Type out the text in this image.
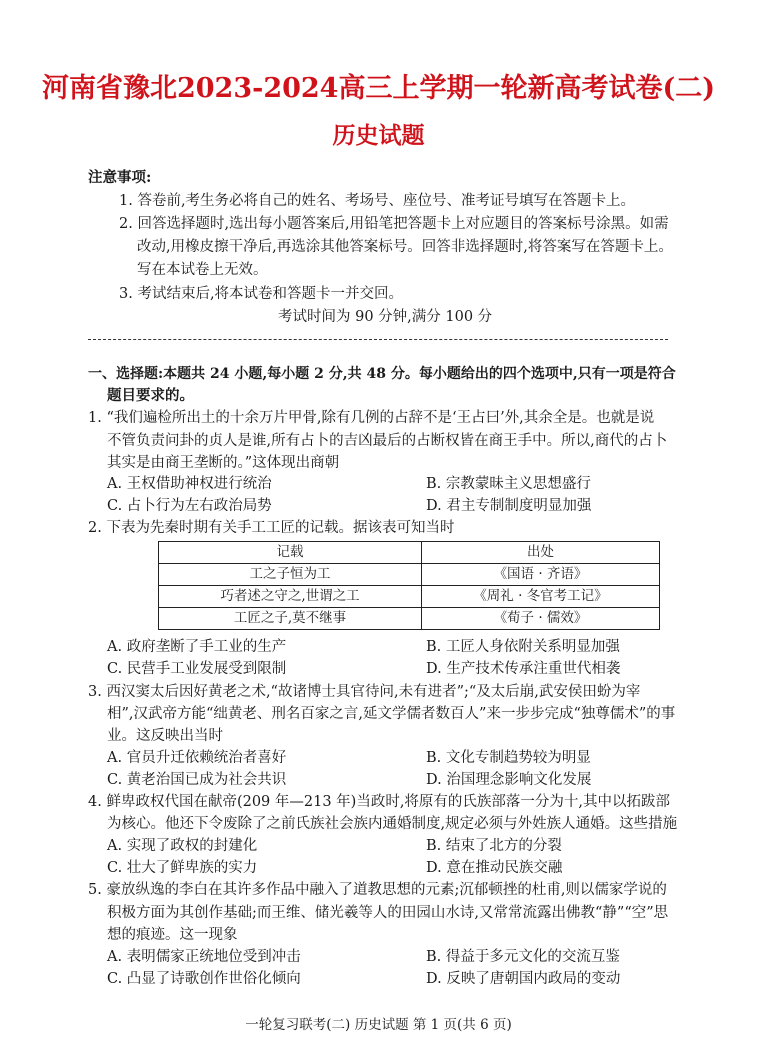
河南省豫北2023-2024高三上学期一轮新高考试卷(二)
历史试题
注意事项:
1. 答卷前,考生务必将自己的姓名、考场号、座位号、准考证号填写在答题卡上。
2. 回答选择题时,选出每小题答案后,用铅笔把答题卡上对应题目的答案标号涂黑。如需
改动,用橡皮擦干净后,再选涂其他答案标号。回答非选择题时,将答案写在答题卡上。
写在本试卷上无效。
3. 考试结束后,将本试卷和答题卡一并交回。
考试时间为 90 分钟,满分 100 分
一、选择题:本题共 24 小题,每小题 2 分,共 48 分。每小题给出的四个选项中,只有一项是符合
题目要求的。
1. “我们遍检所出土的十余万片甲骨,除有几例的占辞不是‘王占曰’外,其余全是。也就是说
不管负责问卦的贞人是谁,所有占卜的吉凶最后的占断权皆在商王手中。所以,商代的占卜
其实是由商王垄断的。”这体现出商朝
A. 王权借助神权进行统治	B. 宗教蒙昧主义思想盛行
C. 占卜行为左右政治局势	D. 君主专制制度明显加强
2. 下表为先秦时期有关手工工匠的记载。据该表可知当时
记载	出处
工之子恒为工	《国语 · 齐语》
巧者述之守之,世谓之工	《周礼 · 冬官考工记》
工匠之子,莫不继事	《荀子 · 儒效》
A. 政府垄断了手工业的生产	B. 工匠人身依附关系明显加强
C. 民营手工业发展受到限制	D. 生产技术传承注重世代相袭
3. 西汉窦太后因好黄老之术,“故诸博士具官待问,未有进者”;“及太后崩,武安侯田蚡为宰
相”,汉武帝方能“绌黄老、刑名百家之言,延文学儒者数百人”来一步步完成“独尊儒术”的事
业。这反映出当时
A. 官员升迁依赖统治者喜好	B. 文化专制趋势较为明显
C. 黄老治国已成为社会共识	D. 治国理念影响文化发展
4. 鲜卑政权代国在献帝(209 年—213 年)当政时,将原有的氏族部落一分为十,其中以拓跋部
为核心。他还下令废除了之前氏族社会族内通婚制度,规定必须与外姓族人通婚。这些措施
A. 实现了政权的封建化	B. 结束了北方的分裂
C. 壮大了鲜卑族的实力	D. 意在推动民族交融
5. 豪放纵逸的李白在其许多作品中融入了道教思想的元素;沉郁顿挫的杜甫,则以儒家学说的
积极方面为其创作基础;而王维、储光羲等人的田园山水诗,又常常流露出佛教“静”“空”思
想的痕迹。这一现象
A. 表明儒家正统地位受到冲击	B. 得益于多元文化的交流互鉴
C. 凸显了诗歌创作世俗化倾向	D. 反映了唐朝国内政局的变动
一轮复习联考(二) 历史试题 第 1 页(共 6 页)
